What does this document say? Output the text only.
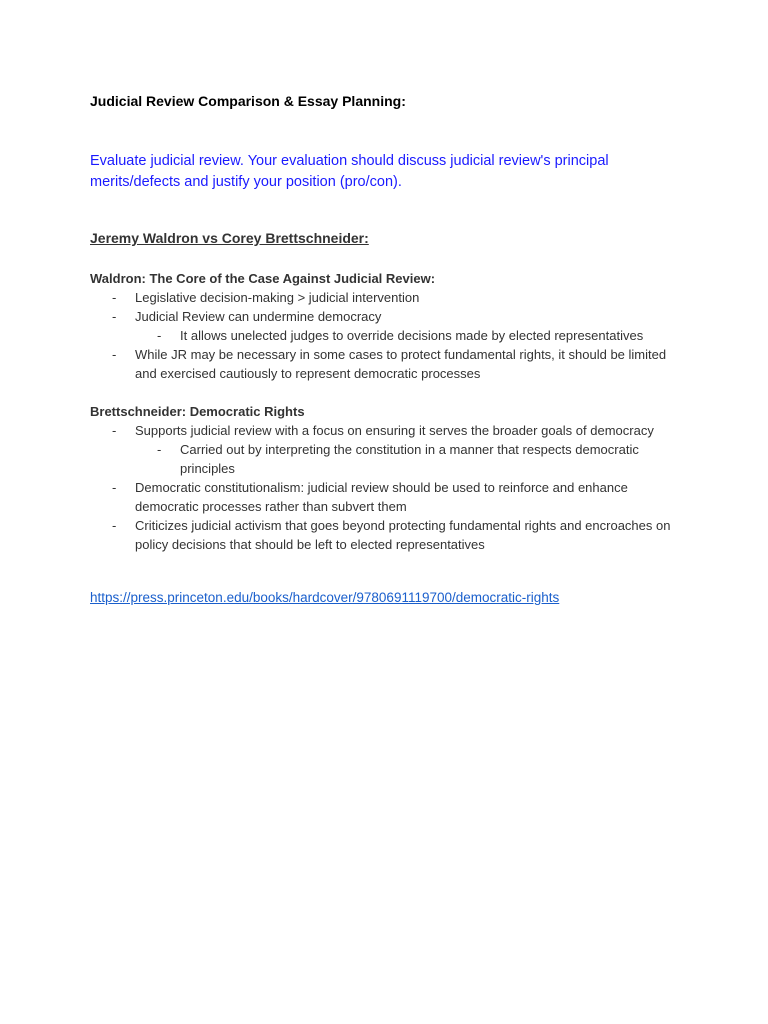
Judicial Review Comparison & Essay Planning:
Evaluate judicial review. Your evaluation should discuss judicial review's principal merits/defects and justify your position (pro/con).
Jeremy Waldron vs Corey Brettschneider:
Waldron: The Core of the Case Against Judicial Review:
- Legislative decision-making > judicial intervention
- Judicial Review can undermine democracy
- It allows unelected judges to override decisions made by elected representatives
- While JR may be necessary in some cases to protect fundamental rights, it should be limited and exercised cautiously to represent democratic processes
Brettschneider: Democratic Rights
- Supports judicial review with a focus on ensuring it serves the broader goals of democracy
- Carried out by interpreting the constitution in a manner that respects democratic principles
- Democratic constitutionalism: judicial review should be used to reinforce and enhance democratic processes rather than subvert them
- Criticizes judicial activism that goes beyond protecting fundamental rights and encroaches on policy decisions that should be left to elected representatives
https://press.princeton.edu/books/hardcover/9780691119700/democratic-rights
